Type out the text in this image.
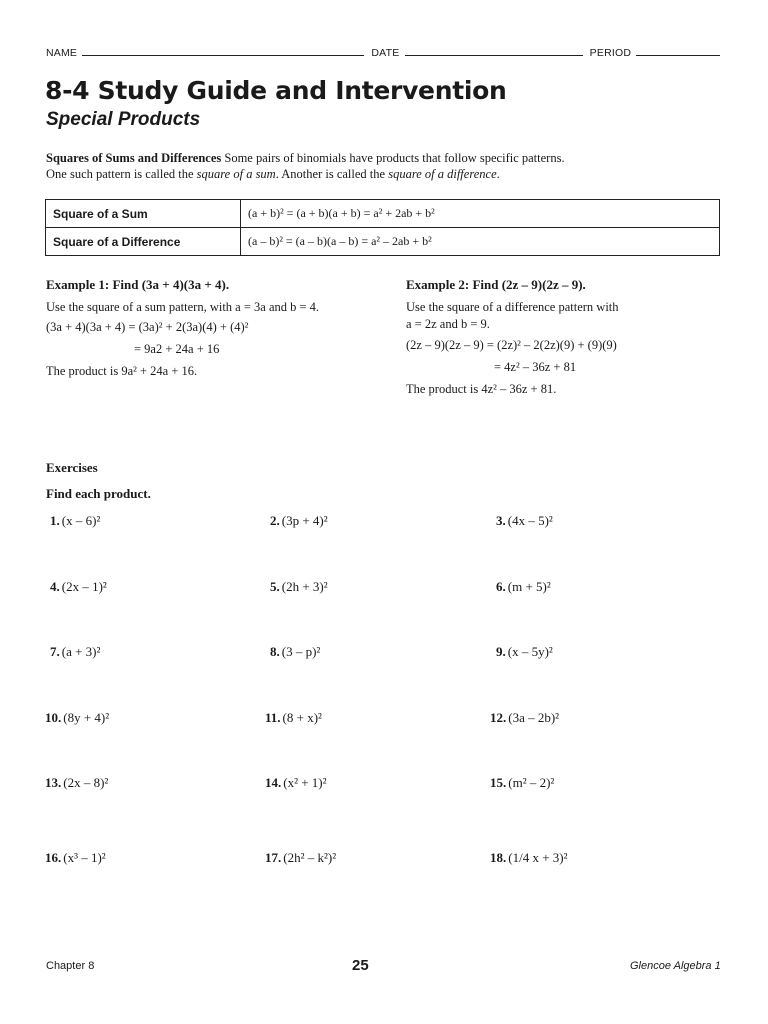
NAME	DATE	PERIOD
8-4 Study Guide and Intervention
Special Products
Squares of Sums and Differences Some pairs of binomials have products that follow specific patterns.
One such pattern is called the square of a sum. Another is called the square of a difference.
Square of a Sum	(a + b)² = (a + b)(a + b) = a² + 2ab + b²
Square of a Difference	(a – b)² = (a – b)(a – b) = a² – 2ab + b²
Example 1: Find (3a + 4)(3a + 4).
Use the square of a sum pattern, with a = 3a and b = 4.
(3a + 4)(3a + 4) = (3a)² + 2(3a)(4) + (4)²
= 9a2 + 24a + 16
The product is 9a² + 24a + 16.
Example 2: Find (2z – 9)(2z – 9).
Use the square of a difference pattern with
a = 2z and b = 9.
(2z – 9)(2z – 9) = (2z)² – 2(2z)(9) + (9)(9)
= 4z² – 36z + 81
The product is 4z² – 36z + 81.
Exercises
Find each product.
1. (x – 6)²	2. (3p + 4)²	3. (4x – 5)²
4. (2x – 1)²	5. (2h + 3)²	6. (m + 5)²
7. (a + 3)²	8. (3 – p)²	9. (x – 5y)²
10. (8y + 4)²	11. (8 + x)²	12. (3a – 2b)²
13. (2x – 8)²	14. (x² + 1)²	15. (m² – 2)²
16. (x³ – 1)²	17. (2h² – k²)²	18. (1/4 x + 3)²
Chapter 8	25	Glencoe Algebra 1
